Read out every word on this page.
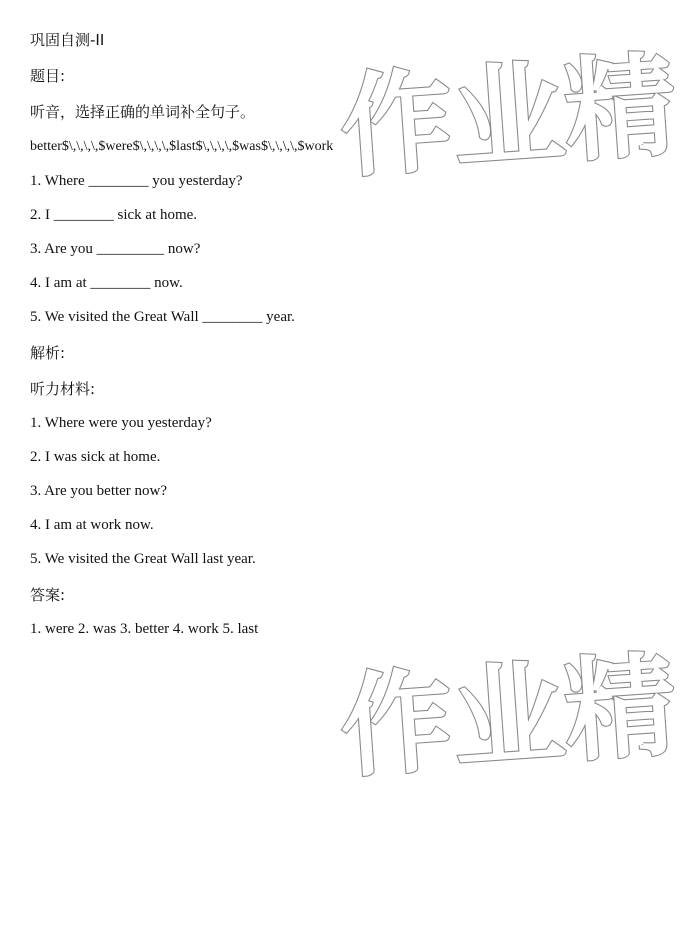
巩固自测-II
题目:
听音，选择正确的单词补全句子。
better$\,\,\,\,$were$\,\,\,\,$last$\,\,\,\,$was$\,\,\,\,$work
1. Where ________ you yesterday?
2. I ________ sick at home.
3. Are you _________ now?
4. I am at ________ now.
5. We visited the Great Wall ________ year.
解析:
听力材料:
1. Where were you yesterday?
2. I was sick at home.
3. Are you better now?
4. I am at work now.
5. We visited the Great Wall last year.
答案:
1. were 2. was 3. better 4. work 5. last
作业精
作业精
